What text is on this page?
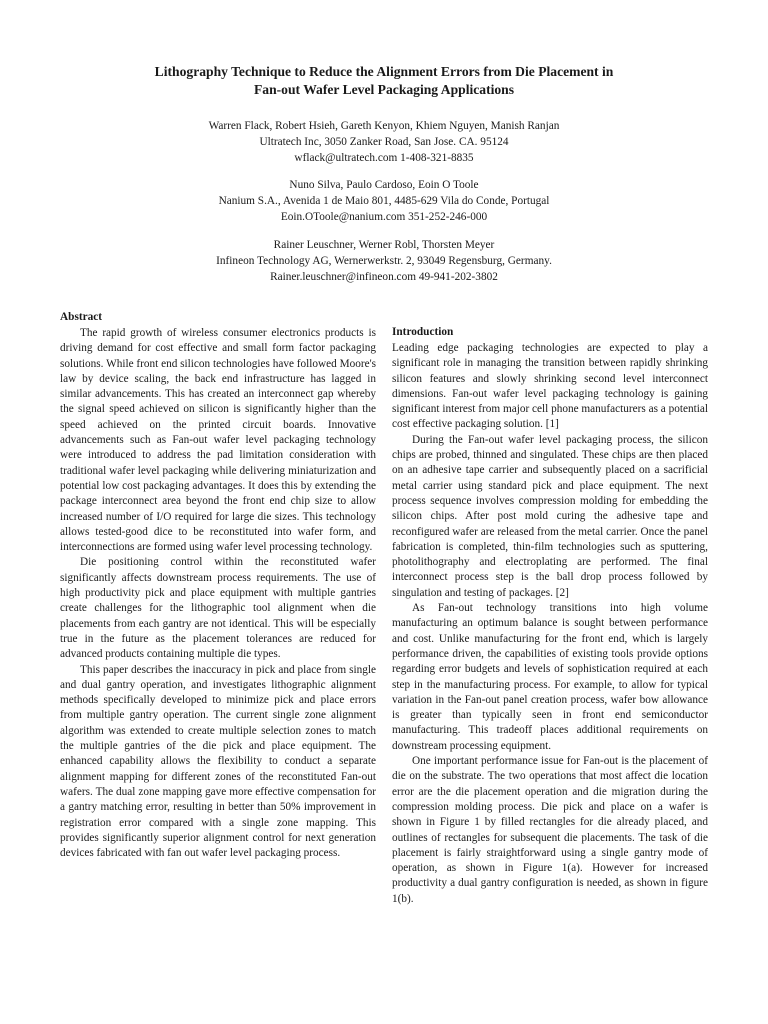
Lithography Technique to Reduce the Alignment Errors from Die Placement in
Fan-out Wafer Level Packaging Applications
Warren Flack, Robert Hsieh, Gareth Kenyon, Khiem Nguyen, Manish Ranjan
Ultratech Inc, 3050 Zanker Road, San Jose. CA. 95124
wflack@ultratech.com 1-408-321-8835
Nuno Silva, Paulo Cardoso, Eoin O Toole
Nanium S.A., Avenida 1 de Maio 801, 4485-629 Vila do Conde, Portugal
Eoin.OToole@nanium.com 351-252-246-000
Rainer Leuschner, Werner Robl, Thorsten Meyer
Infineon Technology AG, Wernerwerkstr. 2, 93049 Regensburg, Germany.
Rainer.leuschner@infineon.com 49-941-202-3802
Abstract

The rapid growth of wireless consumer electronics products is driving demand for cost effective and small form factor packaging solutions. While front end silicon technologies have followed Moore's law by device scaling, the back end infrastructure has lagged in similar advancements. This has created an interconnect gap whereby the signal speed achieved on silicon is significantly higher than the speed achieved on the printed circuit boards. Innovative advancements such as Fan-out wafer level packaging technology were introduced to address the pad limitation consideration with traditional wafer level packaging while delivering miniaturization and potential low cost packaging advantages. It does this by extending the package interconnect area beyond the front end chip size to allow increased number of I/O required for large die sizes. This technology allows tested-good dice to be reconstituted into wafer form, and interconnections are formed using wafer level processing technology.

Die positioning control within the reconstituted wafer significantly affects downstream process requirements. The use of high productivity pick and place equipment with multiple gantries create challenges for the lithographic tool alignment when die placements from each gantry are not identical. This will be especially true in the future as the placement tolerances are reduced for advanced products containing multiple die types.

This paper describes the inaccuracy in pick and place from single and dual gantry operation, and investigates lithographic alignment methods specifically developed to minimize pick and place errors from multiple gantry operation. The current single zone alignment algorithm was extended to create multiple selection zones to match the multiple gantries of the die pick and place equipment. The enhanced capability allows the flexibility to conduct a separate alignment mapping for different zones of the reconstituted Fan-out wafers. The dual zone mapping gave more effective compensation for a gantry matching error, resulting in better than 50% improvement in registration error compared with a single zone mapping. This provides significantly superior alignment control for next generation devices fabricated with fan out wafer level packaging process.

Introduction

Leading edge packaging technologies are expected to play a significant role in managing the transition between rapidly shrinking silicon features and slowly shrinking second level interconnect dimensions. Fan-out wafer level packaging technology is gaining significant interest from major cell phone manufacturers as a potential cost effective packaging solution. [1]

During the Fan-out wafer level packaging process, the silicon chips are probed, thinned and singulated. These chips are then placed on an adhesive tape carrier and subsequently placed on a sacrificial metal carrier using standard pick and place equipment. The next process sequence involves compression molding for embedding the silicon chips. After post mold curing the adhesive tape and reconfigured wafer are released from the metal carrier. Once the panel fabrication is completed, thin-film technologies such as sputtering, photolithography and electroplating are performed. The final interconnect process step is the ball drop process followed by singulation and testing of packages. [2]

As Fan-out technology transitions into high volume manufacturing an optimum balance is sought between performance and cost. Unlike manufacturing for the front end, which is largely performance driven, the capabilities of existing tools provide options regarding error budgets and levels of sophistication required at each step in the manufacturing process. For example, to allow for typical variation in the Fan-out panel creation process, wafer bow allowance is greater than typically seen in front end semiconductor manufacturing. This tradeoff places additional requirements on downstream processing equipment.

One important performance issue for Fan-out is the placement of die on the substrate. The two operations that most affect die location error are the die placement operation and die migration during the compression molding process. Die pick and place on a wafer is shown in Figure 1 by filled rectangles for die already placed, and outlines of rectangles for subsequent die placements. The task of die placement is fairly straightforward using a single gantry mode of operation, as shown in Figure 1(a). However for increased productivity a dual gantry configuration is needed, as shown in figure 1(b).
